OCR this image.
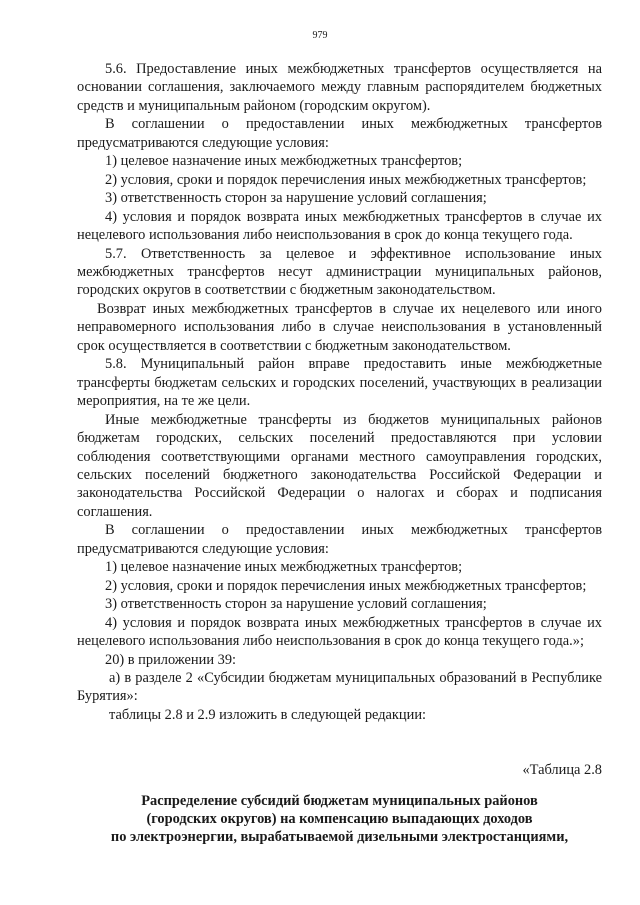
979

5.6. Предоставление иных межбюджетных трансфертов осуществляется на основании соглашения, заключаемого между главным распорядителем бюджетных средств и муниципальным районом (городским округом).

В соглашении о предоставлении иных межбюджетных трансфертов предусматриваются следующие условия:

1) целевое назначение иных межбюджетных трансфертов;

2) условия, сроки и порядок перечисления иных межбюджетных трансфертов;

3) ответственность сторон за нарушение условий соглашения;

4) условия и порядок возврата иных межбюджетных трансфертов в случае их нецелевого использования либо неиспользования в срок до конца текущего года.

5.7. Ответственность за целевое и эффективное использование иных межбюджетных трансфертов несут администрации муниципальных районов, городских округов в соответствии с бюджетным законодательством.

Возврат иных межбюджетных трансфертов в случае их нецелевого или иного неправомерного использования либо в случае неиспользования в установленный срок осуществляется в соответствии с бюджетным законодательством.

5.8. Муниципальный район вправе предоставить иные межбюджетные трансферты бюджетам сельских и городских поселений, участвующих в реализации мероприятия, на те же цели.

Иные межбюджетные трансферты из бюджетов муниципальных районов бюджетам городских, сельских поселений предоставляются при условии соблюдения соответствующими органами местного самоуправления городских, сельских поселений бюджетного законодательства Российской Федерации и законодательства Российской Федерации о налогах и сборах и подписания соглашения.

В соглашении о предоставлении иных межбюджетных трансфертов предусматриваются следующие условия:

1) целевое назначение иных межбюджетных трансфертов;

2) условия, сроки и порядок перечисления иных межбюджетных трансфертов;

3) ответственность сторон за нарушение условий соглашения;

4) условия и порядок возврата иных межбюджетных трансфертов в случае их нецелевого использования либо неиспользования в срок до конца текущего года.»;

20) в приложении 39:

а) в разделе 2 «Субсидии бюджетам муниципальных образований в Республике Бурятия»:

таблицы 2.8 и 2.9 изложить в следующей редакции:

«Таблица 2.8
Распределение субсидий бюджетам муниципальных районов
(городских округов) на компенсацию выпадающих доходов
по электроэнергии, вырабатываемой дизельными электростанциями,
